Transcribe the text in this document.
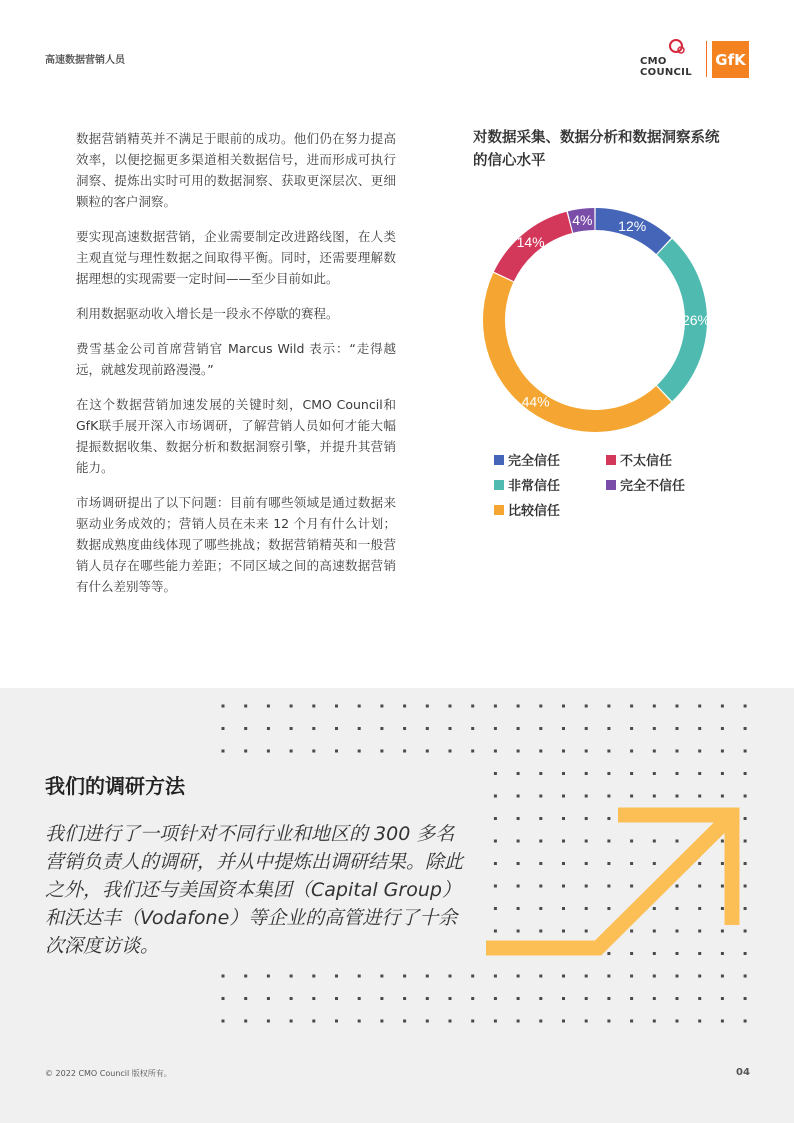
高速数据营销人员	CMO
COUNCIL
GfK

数据营销精英并不满足于眼前的成功。他们仍在努力提高效率，以便挖掘更多渠道相关数据信号，进而形成可执行洞察、提炼出实时可用的数据洞察、获取更深层次、更细颗粒的客户洞察。

要实现高速数据营销，企业需要制定改进路线图，在人类主观直觉与理性数据之间取得平衡。同时，还需要理解数据理想的实现需要一定时间——至少目前如此。

利用数据驱动收入增长是一段永不停歇的赛程。

费雪基金公司首席营销官 Marcus Wild 表示：“走得越远，就越发现前路漫漫。”

在这个数据营销加速发展的关键时刻，CMO Council和GfK联手展开深入市场调研，了解营销人员如何才能大幅提振数据收集、数据分析和数据洞察引擎，并提升其营销能力。

市场调研提出了以下问题：目前有哪些领域是通过数据来驱动业务成效的；营销人员在未来 12 个月有什么计划；数据成熟度曲线体现了哪些挑战；数据营销精英和一般营销人员存在哪些能力差距；不同区域之间的高速数据营销有什么差别等等。

对数据采集、数据分析和数据洞察系统的信心水平
12%
26%
44%
14%
4%
完全信任	不太信任
非常信任	完全不信任
比较信任
我们的调研方法
我们进行了一项针对不同行业和地区的 300 多名营销负责人的调研，并从中提炼出调研结果。除此之外，我们还与美国资本集团（Capital Group）和沃达丰（Vodafone）等企业的高管进行了十余次深度访谈。
© 2022 CMO Council 版权所有。	04
